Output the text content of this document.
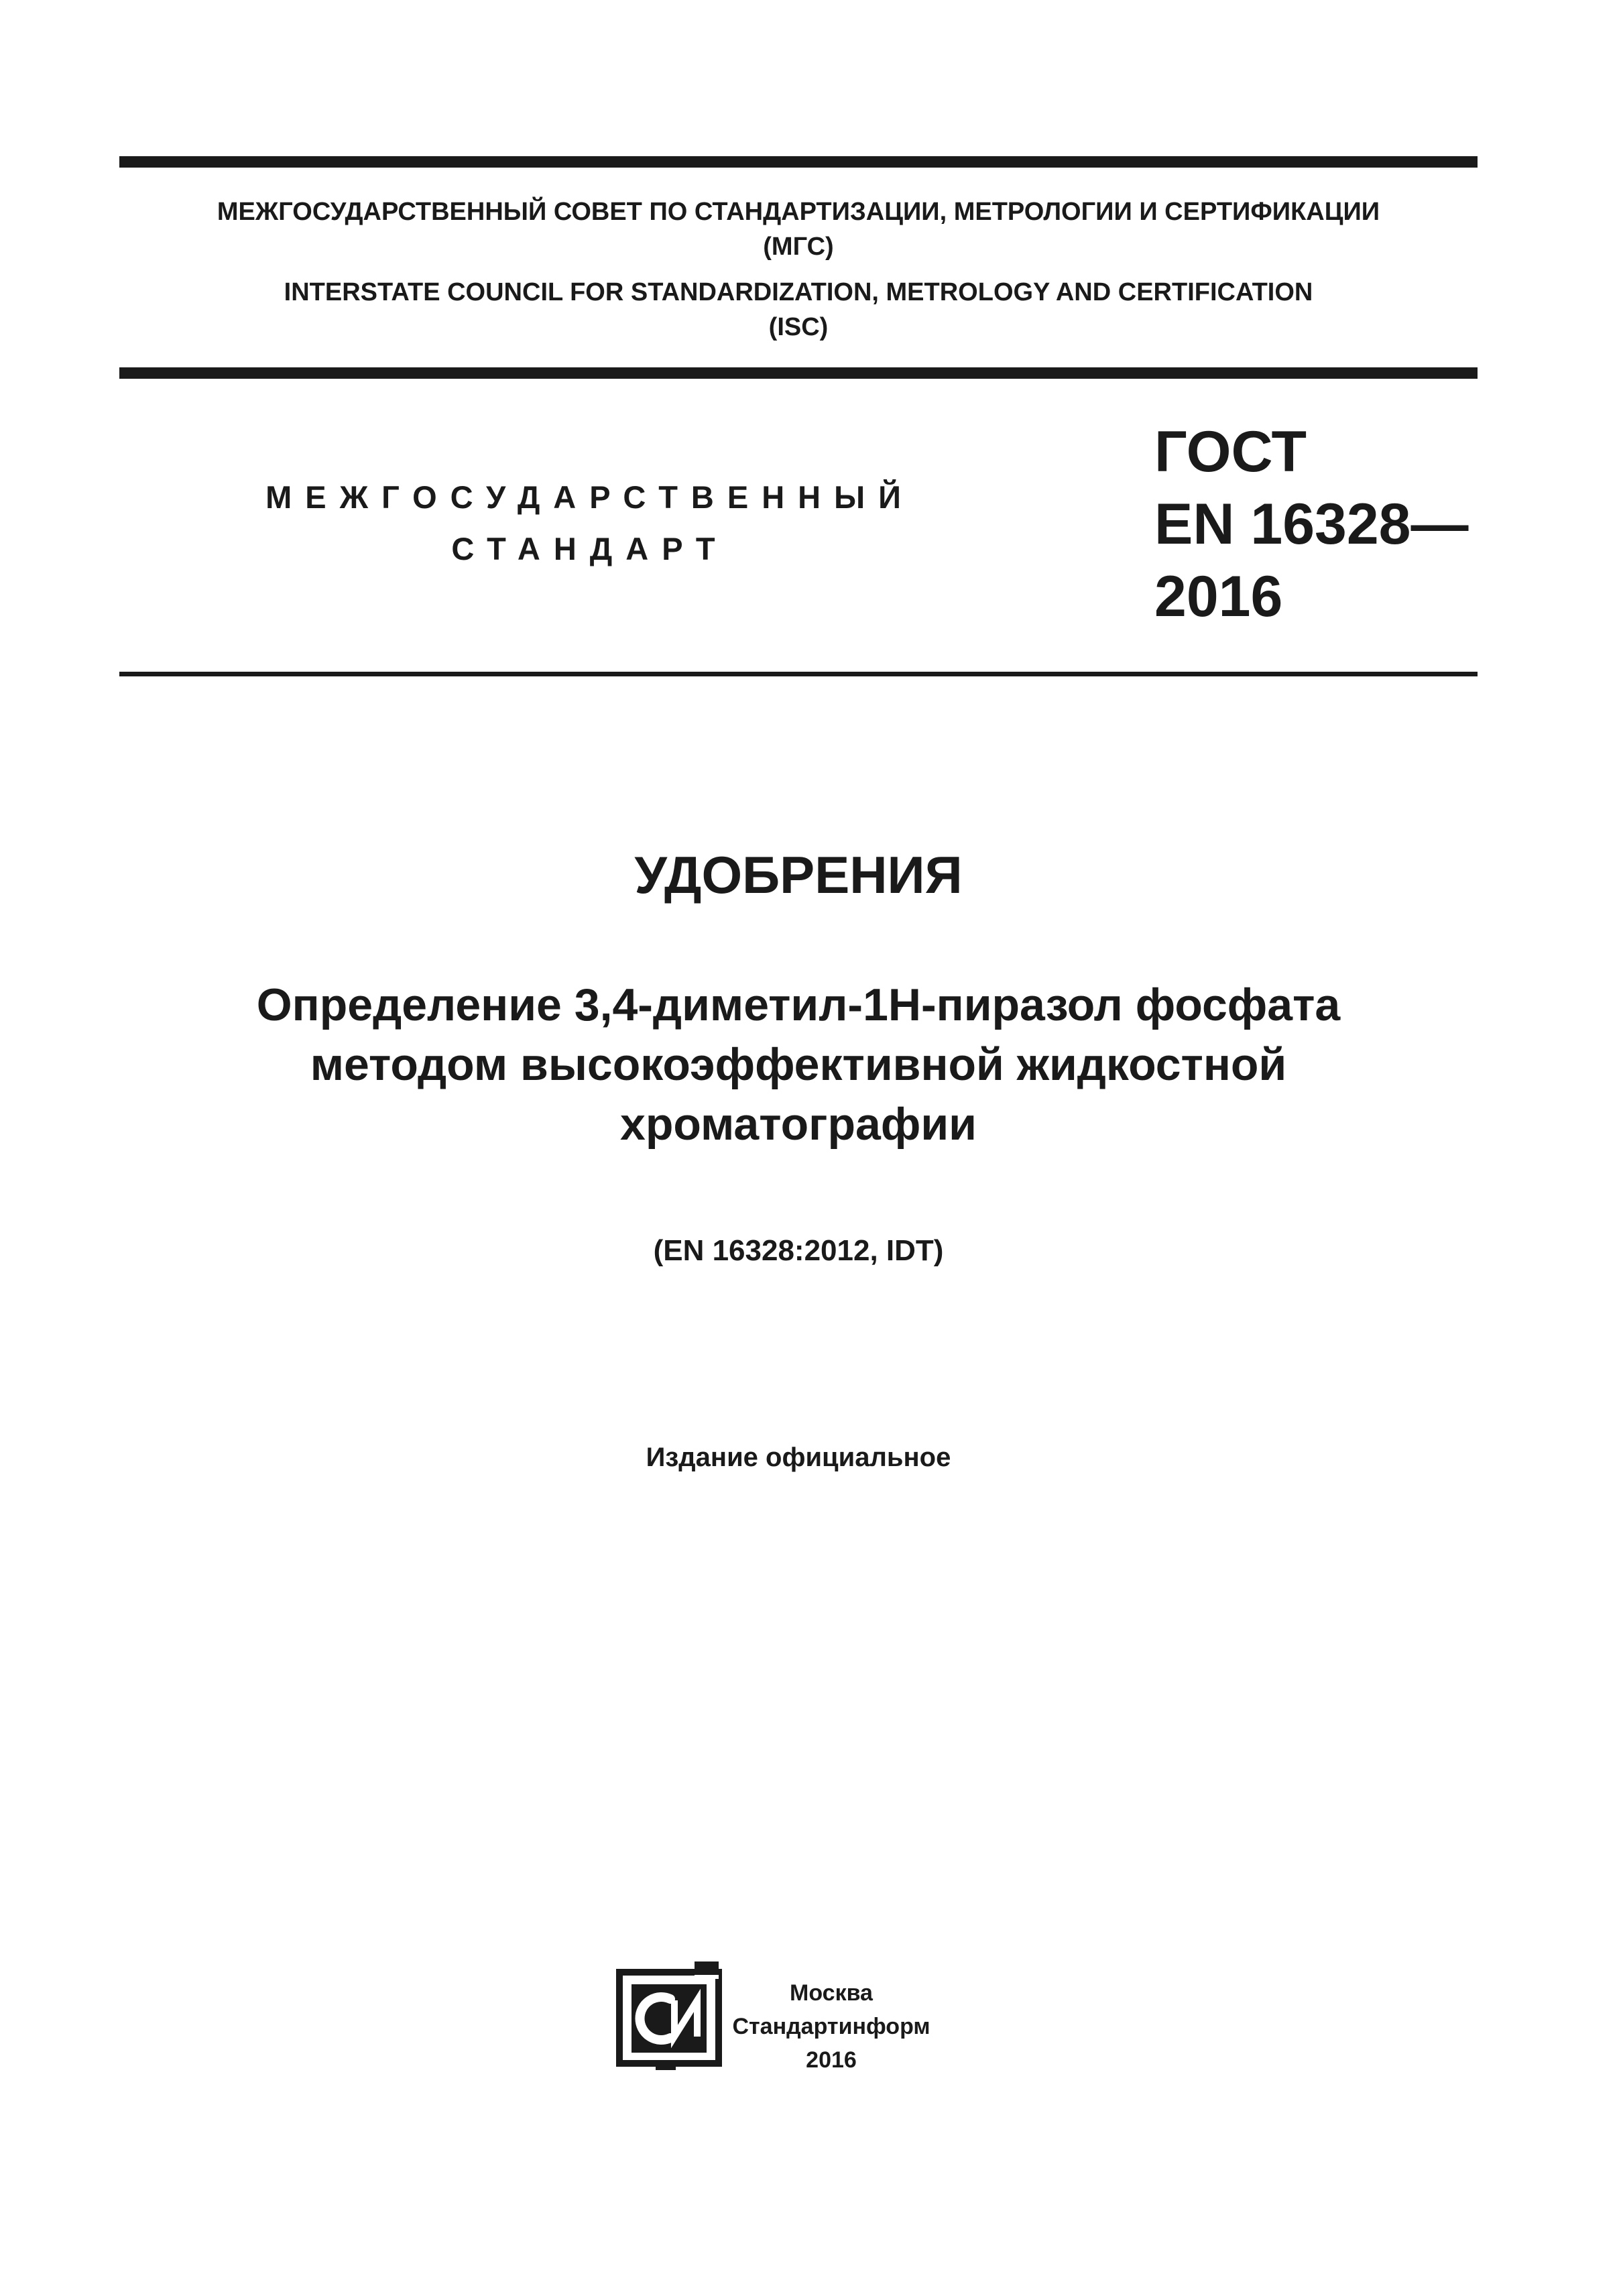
МЕЖГОСУДАРСТВЕННЫЙ СОВЕТ ПО СТАНДАРТИЗАЦИИ, МЕТРОЛОГИИ И СЕРТИФИКАЦИИ
(МГС)
INTERSTATE COUNCIL FOR STANDARDIZATION, METROLOGY AND CERTIFICATION
(ISC)
МЕЖГОСУДАРСТВЕННЫЙ
СТАНДАРТ
ГОСТ
EN 16328—
2016
УДОБРЕНИЯ
Определение 3,4-диметил-1Н-пиразол фосфата
методом высокоэффективной жидкостной
хроматографии
(EN 16328:2012, IDT)
Издание официальное
Москва
Стандартинформ
2016
